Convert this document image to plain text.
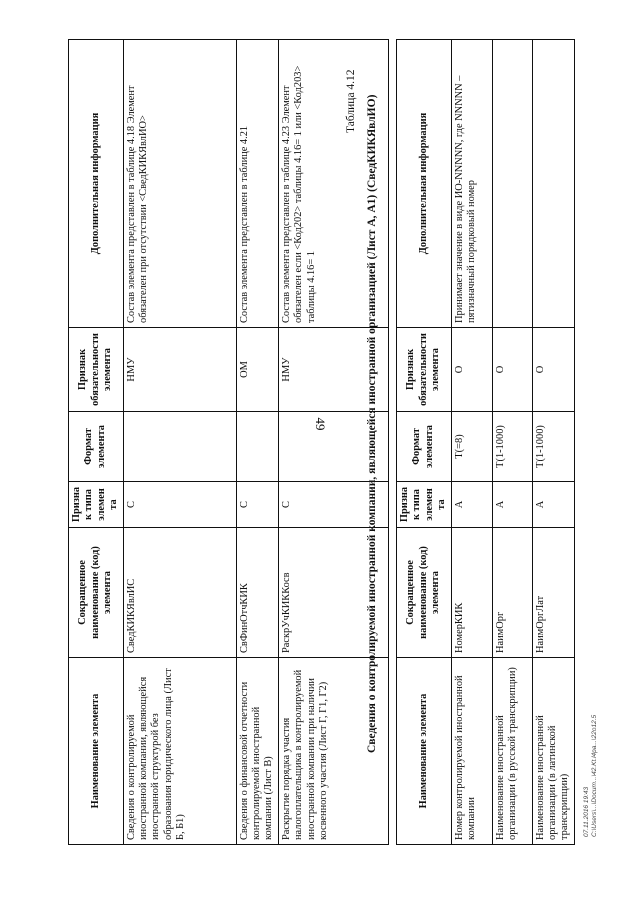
49
Наименование элемента	Сокращенное наименование (код) элемента	Признак типа элемента	Формат элемента	Признак обязательности элемента	Дополнительная информация
Сведения о контролируемой иностранной компании, являющейся иностранной структурой без образования юридического лица (Лист Б, Б1)	СведКИКЯвлИС	С		НМУ	Состав элемента представлен в таблице 4.18 Элемент обязателен при отсутствии <СведКИКЯвлИО>
Сведения о финансовой отчетности контролируемой иностранной компании (Лист В)	СвФинОтчКИК	С		ОМ	Состав элемента представлен в таблице 4.21
Раскрытие порядка участия налогоплательщика в контролируемой иностранной компании при наличии косвенного участия (Лист Г, Г1, Г2)	РаскрУчКИККосв	С		НМУ	Состав элемента представлен в таблице 4.23 Элемент обязателен если <Код202> таблицы 4.16= 1 или <Код203> таблицы 4.16= 1
Таблица 4.12 Сведения о контролируемой иностранной компании, являющейся иностранной организацией (Лист А, А1) (СведКИКЯвлИО)	Наименование элемента	Сокращенное наименование (код) элемента	Признак типа элемента	Формат элемента	Признак обязательности элемента	Дополнительная информация
Номер контролируемой иностранной компании	НомерКИК	А	T(=8)	О	Принимает значение в виде ИО-NNNNN, где NNNNN – пятизначный порядковый номер
Наименование иностранной организации (в русской транскрипции)	НаимОрг	А	T(1-1000)	О	
Наименование иностранной организации (в латинской транскрипции)	НаимОргЛат	А	T(1-1000)	О	
07.11.2016 19:43 C:\Users\...\Docum...\42.Kt.l4pa...\22o12.5
